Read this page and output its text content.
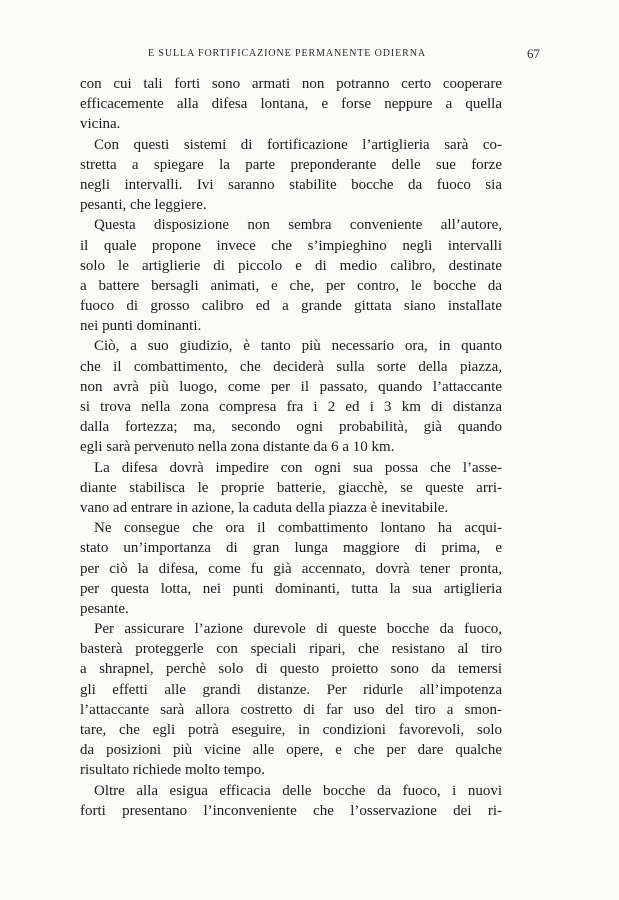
E SULLA FORTIFICAZIONE PERMANENTE ODIERNA	67
con cui tali forti sono armati non potranno certo cooperare
efficacemente alla difesa lontana, e forse neppure a quella
vicina.
Con questi sistemi di fortificazione l’artiglieria sarà co-
stretta a spiegare la parte preponderante delle sue forze
negli intervalli. Ivi saranno stabilite bocche da fuoco sia
pesanti, che leggiere.
Questa disposizione non sembra conveniente all’autore,
il quale propone invece che s’impieghino negli intervalli
solo le artiglierie di piccolo e di medio calibro, destinate
a battere bersagli animati, e che, per contro, le bocche da
fuoco di grosso calibro ed a grande gittata siano installate
nei punti dominanti.
Ciò, a suo giudizio, è tanto più necessario ora, in quanto
che il combattimento, che deciderà sulla sorte della piazza,
non avrà più luogo, come per il passato, quando l’attaccante
si trova nella zona compresa fra i 2 ed i 3 km di distanza
dalla fortezza; ma, secondo ogni probabilità, già quando
egli sarà pervenuto nella zona distante da 6 a 10 km.
La difesa dovrà impedire con ogni sua possa che l’asse-
diante stabilisca le proprie batterie, giacchè, se queste arri-
vano ad entrare in azione, la caduta della piazza è inevitabile.
Ne consegue che ora il combattimento lontano ha acqui-
stato un’importanza di gran lunga maggiore di prima, e
per ciò la difesa, come fu già accennato, dovrà tener pronta,
per questa lotta, nei punti dominanti, tutta la sua artiglieria
pesante.
Per assicurare l’azione durevole di queste bocche da fuoco,
basterà proteggerle con speciali ripari, che resistano al tiro
a shrapnel, perchè solo di questo proietto sono da temersi
gli effetti alle grandi distanze. Per ridurle all’impotenza
l’attaccante sarà allora costretto di far uso del tiro a smon-
tare, che egli potrà eseguire, in condizioni favorevoli, solo
da posizioni più vicine alle opere, e che per dare qualche
risultato richiede molto tempo.
Oltre alla esigua efficacia delle bocche da fuoco, i nuovi
forti presentano l’inconveniente che l’osservazione dei ri-
